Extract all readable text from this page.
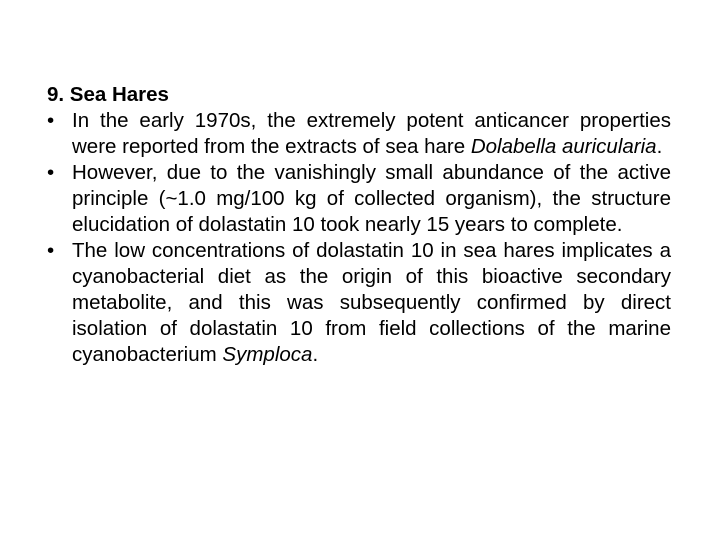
9. Sea Hares
• In the early 1970s, the extremely potent anticancer properties were reported from the extracts of sea hare Dolabella auricularia.
• However, due to the vanishingly small abundance of the active principle (~1.0 mg/100 kg of collected organism), the structure elucidation of dolastatin 10 took nearly 15 years to complete.
• The low concentrations of dolastatin 10 in sea hares implicates a cyanobacterial diet as the origin of this bioactive secondary metabolite, and this was subsequently confirmed by direct isolation of dolastatin 10 from field collections of the marine cyanobacterium Symploca.
